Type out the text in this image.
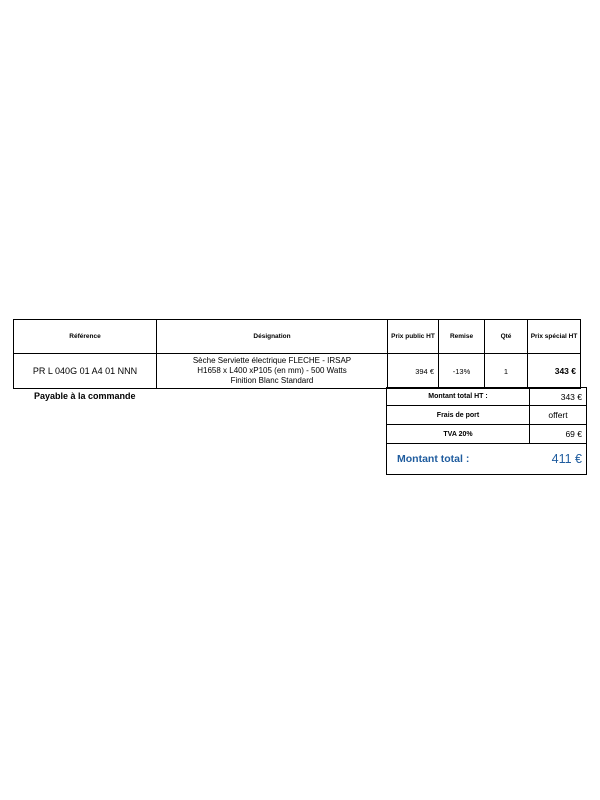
Référence	Désignation	Prix public HT	Remise	Qté	Prix spécial HT
PR L 040G 01 A4 01 NNN	Sèche Serviette électrique FLECHE - IRSAP
H1658 x L400 xP105 (en mm) - 500 Watts
Finition Blanc Standard	394 €	-13%	1	343 €
Payable à la commande	Montant total HT :	343 €
Frais de port	offert
TVA 20%	69 €
Montant total :	411 €
